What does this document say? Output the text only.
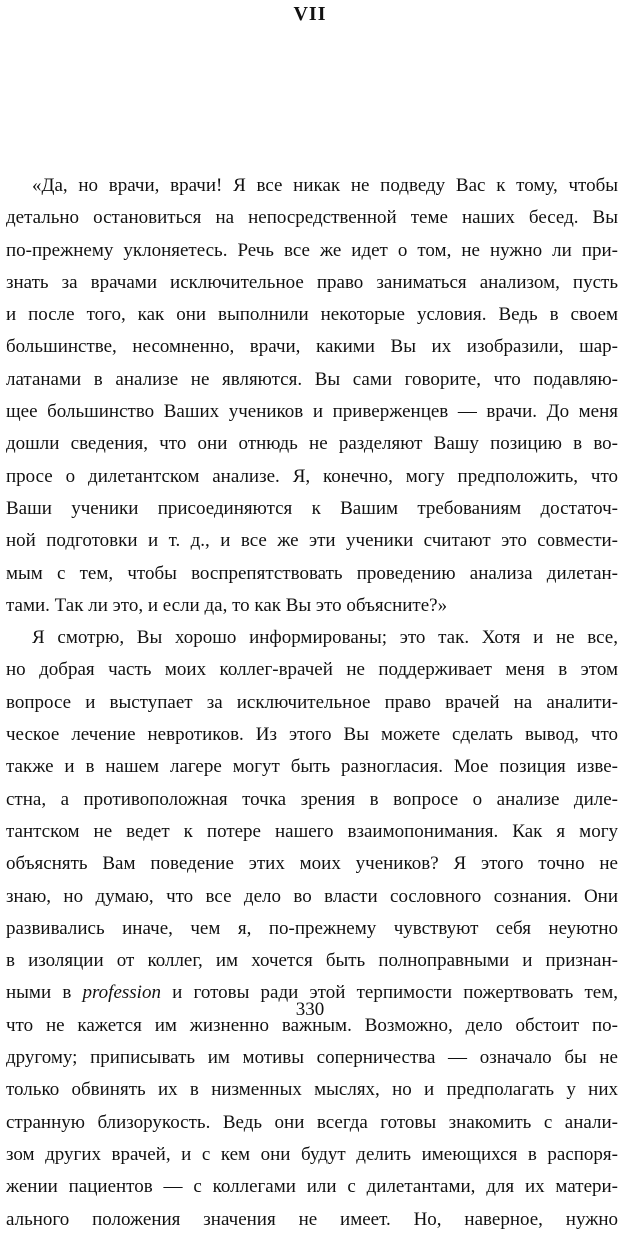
VII
«Да, но врачи, врачи! Я все никак не подведу Вас к тому, чтобы
детально остановиться на непосредственной теме наших бесед. Вы
по-прежнему уклоняетесь. Речь все же идет о том, не нужно ли при-
знать за врачами исключительное право заниматься анализом, пусть
и после того, как они выполнили некоторые условия. Ведь в своем
большинстве, несомненно, врачи, какими Вы их изобразили, шар-
латанами в анализе не являются. Вы сами говорите, что подавляю-
щее большинство Ваших учеников и приверженцев — врачи. До меня
дошли сведения, что они отнюдь не разделяют Вашу позицию в во-
просе о дилетантском анализе. Я, конечно, могу предположить, что
Ваши ученики присоединяются к Вашим требованиям достаточ-
ной подготовки и т. д., и все же эти ученики считают это совмести-
мым с тем, чтобы воспрепятствовать проведению анализа дилетан-
тами. Так ли это, и если да, то как Вы это объясните?»
Я смотрю, Вы хорошо информированы; это так. Хотя и не все,
но добрая часть моих коллег-врачей не поддерживает меня в этом
вопросе и выступает за исключительное право врачей на аналити-
ческое лечение невротиков. Из этого Вы можете сделать вывод, что
также и в нашем лагере могут быть разногласия. Мое позиция изве-
стна, а противоположная точка зрения в вопросе о анализе диле-
тантском не ведет к потере нашего взаимопонимания. Как я могу
объяснять Вам поведение этих моих учеников? Я этого точно не
знаю, но думаю, что все дело во власти сословного сознания. Они
развивались иначе, чем я, по-прежнему чувствуют себя неуютно
в изоляции от коллег, им хочется быть полноправными и признан-
ными в profession и готовы ради этой терпимости пожертвовать тем,
что не кажется им жизненно важным. Возможно, дело обстоит по-
другому; приписывать им мотивы соперничества — означало бы не
только обвинять их в низменных мыслях, но и предполагать у них
странную близорукость. Ведь они всегда готовы знакомить с анали-
зом других врачей, и с кем они будут делить имеющихся в распоря-
жении пациентов — с коллегами или с дилетантами, для их матери-
ального положения значения не имеет. Но, наверное, нужно
330
